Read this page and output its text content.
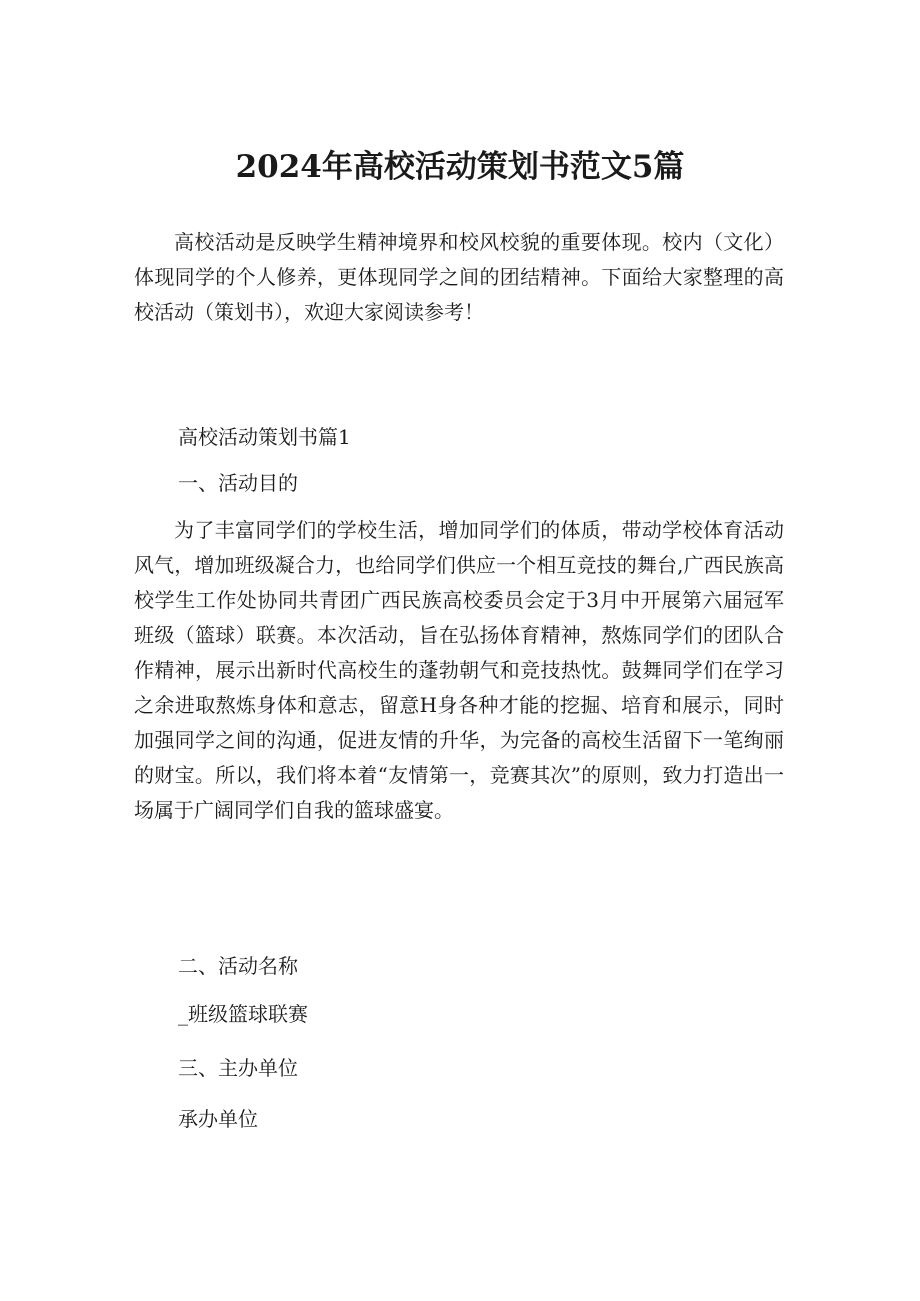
2024年高校活动策划书范文5篇

高校活动是反映学生精神境界和校风校貌的重要体现。校内（文化）体现同学的个人修养，更体现同学之间的团结精神。下面给大家整理的高校活动（策划书），欢迎大家阅读参考！

高校活动策划书篇1

一、活动目的

为了丰富同学们的学校生活，增加同学们的体质，带动学校体育活动风气，增加班级凝合力，也给同学们供应一个相互竞技的舞台,广西民族高校学生工作处协同共青团广西民族高校委员会定于3月中开展第六届冠军班级（篮球）联赛。本次活动，旨在弘扬体育精神，熬炼同学们的团队合作精神，展示出新时代高校生的蓬勃朝气和竞技热忱。鼓舞同学们在学习之余进取熬炼身体和意志，留意H身各种才能的挖掘、培育和展示，同时加强同学之间的沟通，促进友情的升华，为完备的高校生活留下一笔绚丽的财宝。所以，我们将本着“友情第一，竞赛其次”的原则，致力打造出一场属于广阔同学们自我的篮球盛宴。

二、活动名称

_班级篮球联赛

三、主办单位

承办单位
